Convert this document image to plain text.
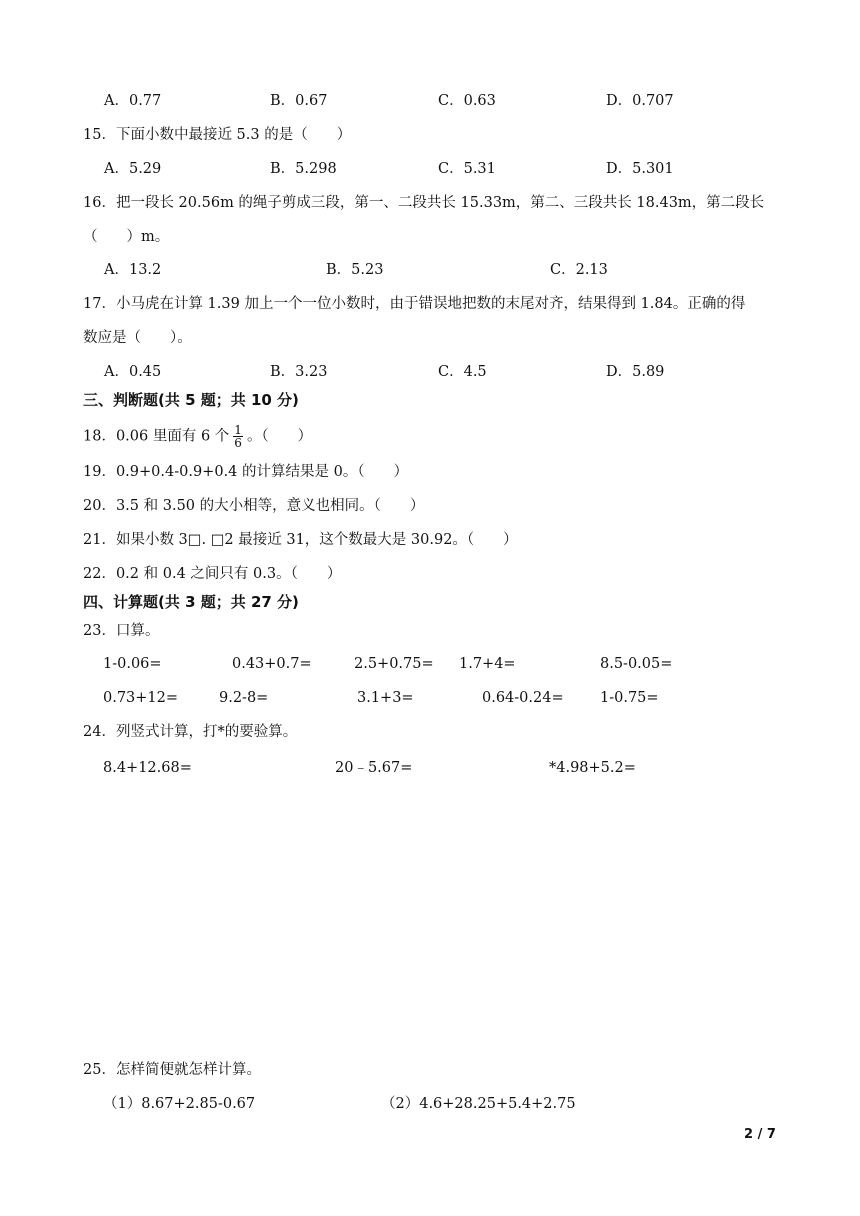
A．0.77	B．0.67	C．0.63	D．0.707
15．下面小数中最接近 5.3 的是（　　）
A．5.29	B．5.298	C．5.31	D．5.301
16．把一段长 20.56m 的绳子剪成三段，第一、二段共长 15.33m，第二、三段共长 18.43m，第二段长
（　　）m。
A．13.2	B．5.23	C．2.13
17．小马虎在计算 1.39 加上一个一位小数时，由于错误地把数的末尾对齐，结果得到 1.84。正确的得
数应是（　　）。
A．0.45	B．3.23	C．4.5	D．5.89
三、判断题(共 5 题；共 10 分)
18．0.06 里面有 6 个 $\frac{1}{6}$ 。（　　）
19．0.9+0.4-0.9+0.4 的计算结果是 0。（　　）
20．3.5 和 3.50 的大小相等，意义也相同。（　　）
21．如果小数 3□. □2 最接近 31，这个数最大是 30.92。（　　）
22．0.2 和 0.4 之间只有 0.3。（　　）
四、计算题(共 3 题；共 27 分)
23．口算。
1-0.06=	0.43+0.7=	2.5+0.75= 1.7+4=	8.5-0.05=
0.73+12=	9.2-8=	3.1+3=	0.64-0.24=	1-0.75=
24．列竖式计算，打*的要验算。
8.4+12.68=	20﹣5.67=	*4.98+5.2=
25．怎样简便就怎样计算。
（1）8.67+2.85-0.67	（2）4.6+28.25+5.4+2.75
2 / 7
